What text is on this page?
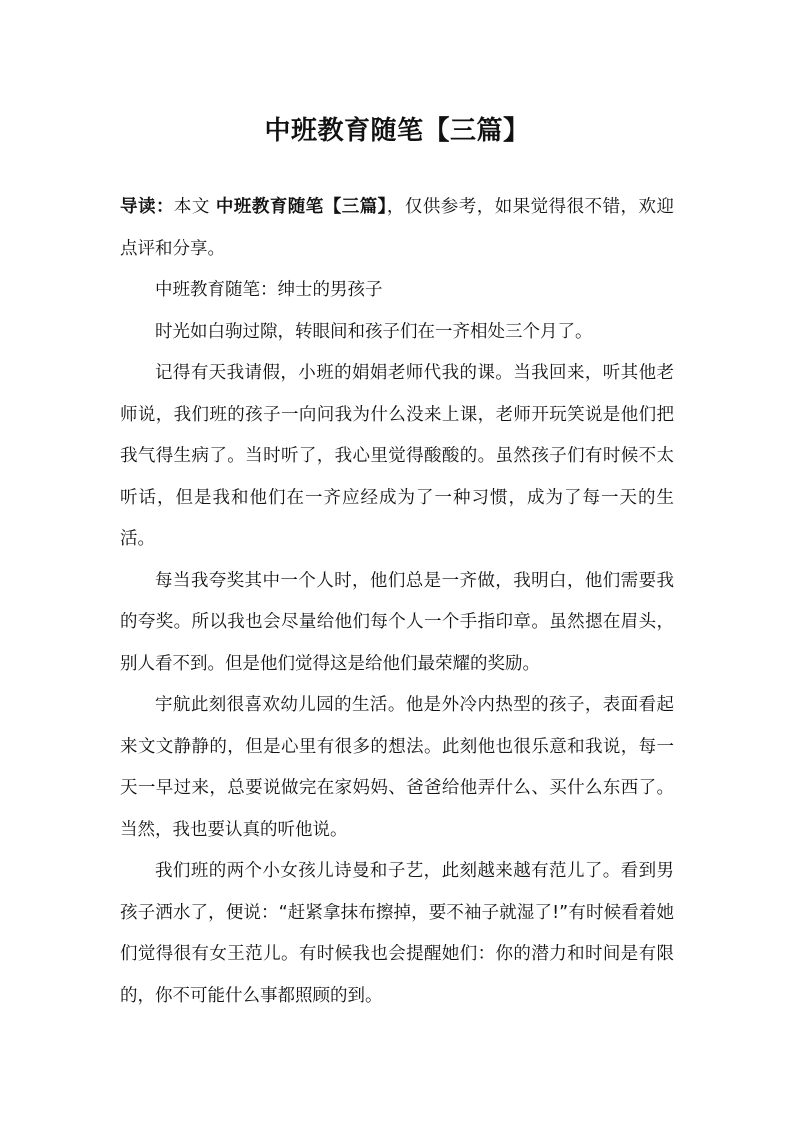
中班教育随笔【三篇】

导读：本文 中班教育随笔【三篇】，仅供参考，如果觉得很不错，欢迎点评和分享。

中班教育随笔：绅士的男孩子

时光如白驹过隙，转眼间和孩子们在一齐相处三个月了。

记得有天我请假，小班的娟娟老师代我的课。当我回来，听其他老师说，我们班的孩子一向问我为什么没来上课，老师开玩笑说是他们把我气得生病了。当时听了，我心里觉得酸酸的。虽然孩子们有时候不太听话，但是我和他们在一齐应经成为了一种习惯，成为了每一天的生活。

每当我夸奖其中一个人时，他们总是一齐做，我明白，他们需要我的夸奖。所以我也会尽量给他们每个人一个手指印章。虽然摁在眉头，别人看不到。但是他们觉得这是给他们最荣耀的奖励。

宇航此刻很喜欢幼儿园的生活。他是外冷内热型的孩子，表面看起来文文静静的，但是心里有很多的想法。此刻他也很乐意和我说，每一天一早过来，总要说做完在家妈妈、爸爸给他弄什么、买什么东西了。当然，我也要认真的听他说。

我们班的两个小女孩儿诗曼和子艺，此刻越来越有范儿了。看到男孩子洒水了，便说：“赶紧拿抹布擦掉，要不袖子就湿了!”有时候看着她们觉得很有女王范儿。有时候我也会提醒她们：你的潜力和时间是有限的，你不可能什么事都照顾的到。
